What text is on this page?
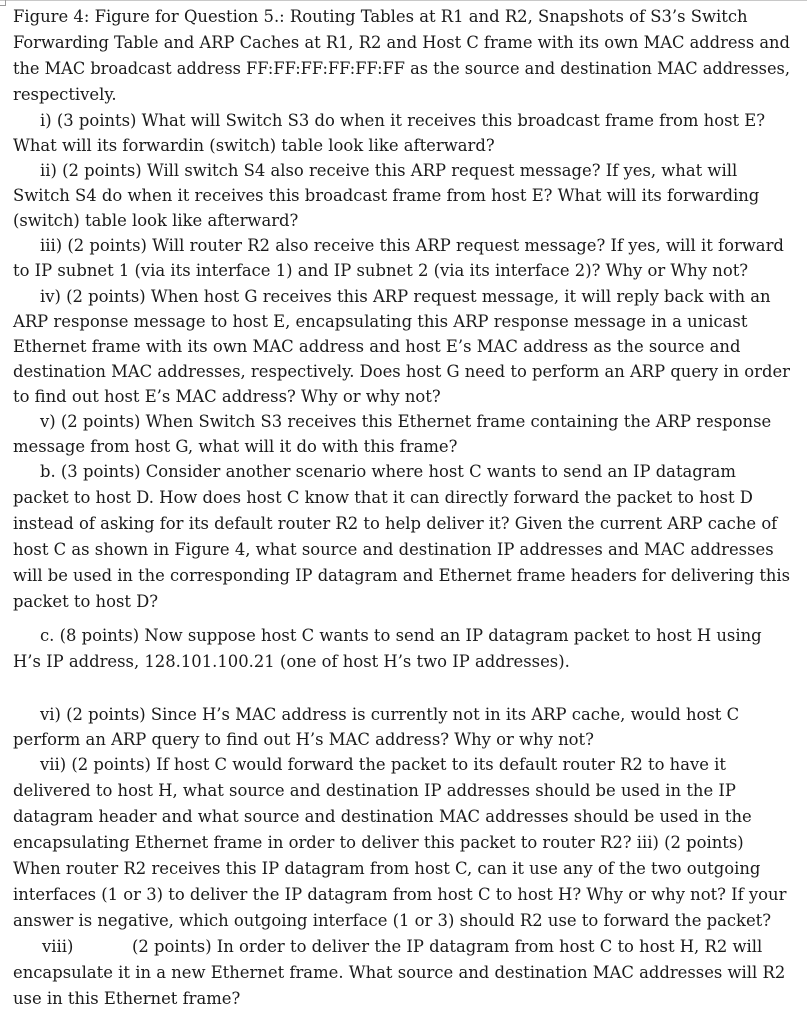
Figure 4: Figure for Question 5.: Routing Tables at R1 and R2, Snapshots of S3’s Switch
Forwarding Table and ARP Caches at R1, R2 and Host C frame with its own MAC address and
the MAC broadcast address FF:FF:FF:FF:FF:FF as the source and destination MAC addresses,
respectively.
i) (3 points) What will Switch S3 do when it receives this broadcast frame from host E?
What will its forwardin (switch) table look like afterward?
ii) (2 points) Will switch S4 also receive this ARP request message? If yes, what will
Switch S4 do when it receives this broadcast frame from host E? What will its forwarding
(switch) table look like afterward?
iii) (2 points) Will router R2 also receive this ARP request message? If yes, will it forward
to IP subnet 1 (via its interface 1) and IP subnet 2 (via its interface 2)? Why or Why not?
iv) (2 points) When host G receives this ARP request message, it will reply back with an
ARP response message to host E, encapsulating this ARP response message in a unicast
Ethernet frame with its own MAC address and host E’s MAC address as the source and
destination MAC addresses, respectively. Does host G need to perform an ARP query in order
to find out host E’s MAC address? Why or why not?
v) (2 points) When Switch S3 receives this Ethernet frame containing the ARP response
message from host G, what will it do with this frame?
b. (3 points) Consider another scenario where host C wants to send an IP datagram
packet to host D. How does host C know that it can directly forward the packet to host D
instead of asking for its default router R2 to help deliver it? Given the current ARP cache of
host C as shown in Figure 4, what source and destination IP addresses and MAC addresses
will be used in the corresponding IP datagram and Ethernet frame headers for delivering this
packet to host D?
c. (8 points) Now suppose host C wants to send an IP datagram packet to host H using
H’s IP address, 128.101.100.21 (one of host H’s two IP addresses).
vi) (2 points) Since H’s MAC address is currently not in its ARP cache, would host C
perform an ARP query to find out H’s MAC address? Why or why not?
vii) (2 points) If host C would forward the packet to its default router R2 to have it
delivered to host H, what source and destination IP addresses should be used in the IP
datagram header and what source and destination MAC addresses should be used in the
encapsulating Ethernet frame in order to deliver this packet to router R2? iii) (2 points)
When router R2 receives this IP datagram from host C, can it use any of the two outgoing
interfaces (1 or 3) to deliver the IP datagram from host C to host H? Why or why not? If your
answer is negative, which outgoing interface (1 or 3) should R2 use to forward the packet?
viii)	(2 points) In order to deliver the IP datagram from host C to host H, R2 will
encapsulate it in a new Ethernet frame. What source and destination MAC addresses will R2
use in this Ethernet frame?
